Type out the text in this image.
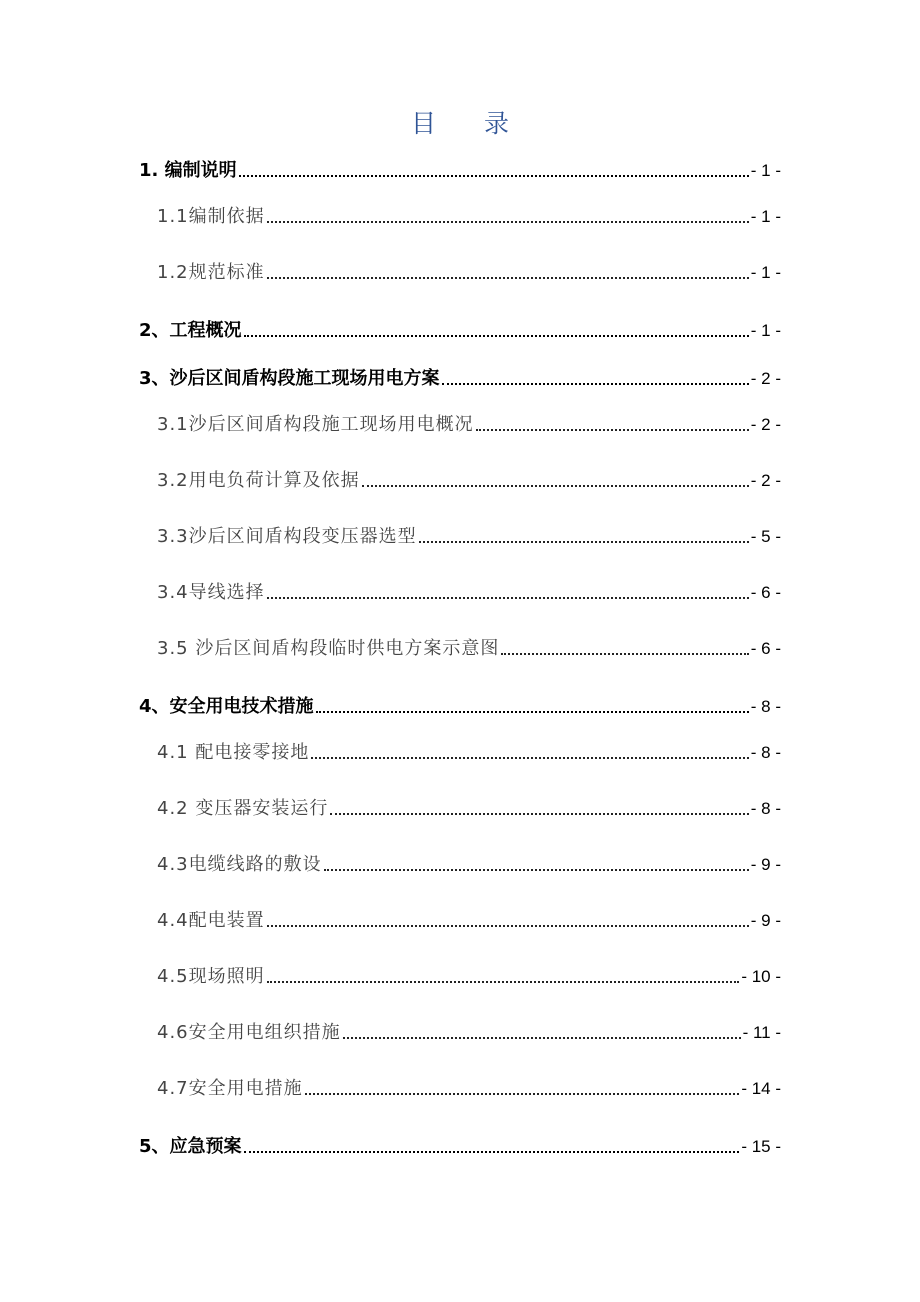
目 录
1. 编制说明	- 1 -
1.1编制依据	- 1 -
1.2规范标准	- 1 -
2、工程概况	- 1 -
3、沙后区间盾构段施工现场用电方案	- 2 -
3.1沙后区间盾构段施工现场用电概况	- 2 -
3.2用电负荷计算及依据	- 2 -
3.3沙后区间盾构段变压器选型	- 5 -
3.4导线选择	- 6 -
3.5 沙后区间盾构段临时供电方案示意图	- 6 -
4、安全用电技术措施	- 8 -
4.1 配电接零接地	- 8 -
4.2 变压器安装运行	- 8 -
4.3电缆线路的敷设	- 9 -
4.4配电装置	- 9 -
4.5现场照明	- 10 -
4.6安全用电组织措施	- 11 -
4.7安全用电措施	- 14 -
5、应急预案	- 15 -
